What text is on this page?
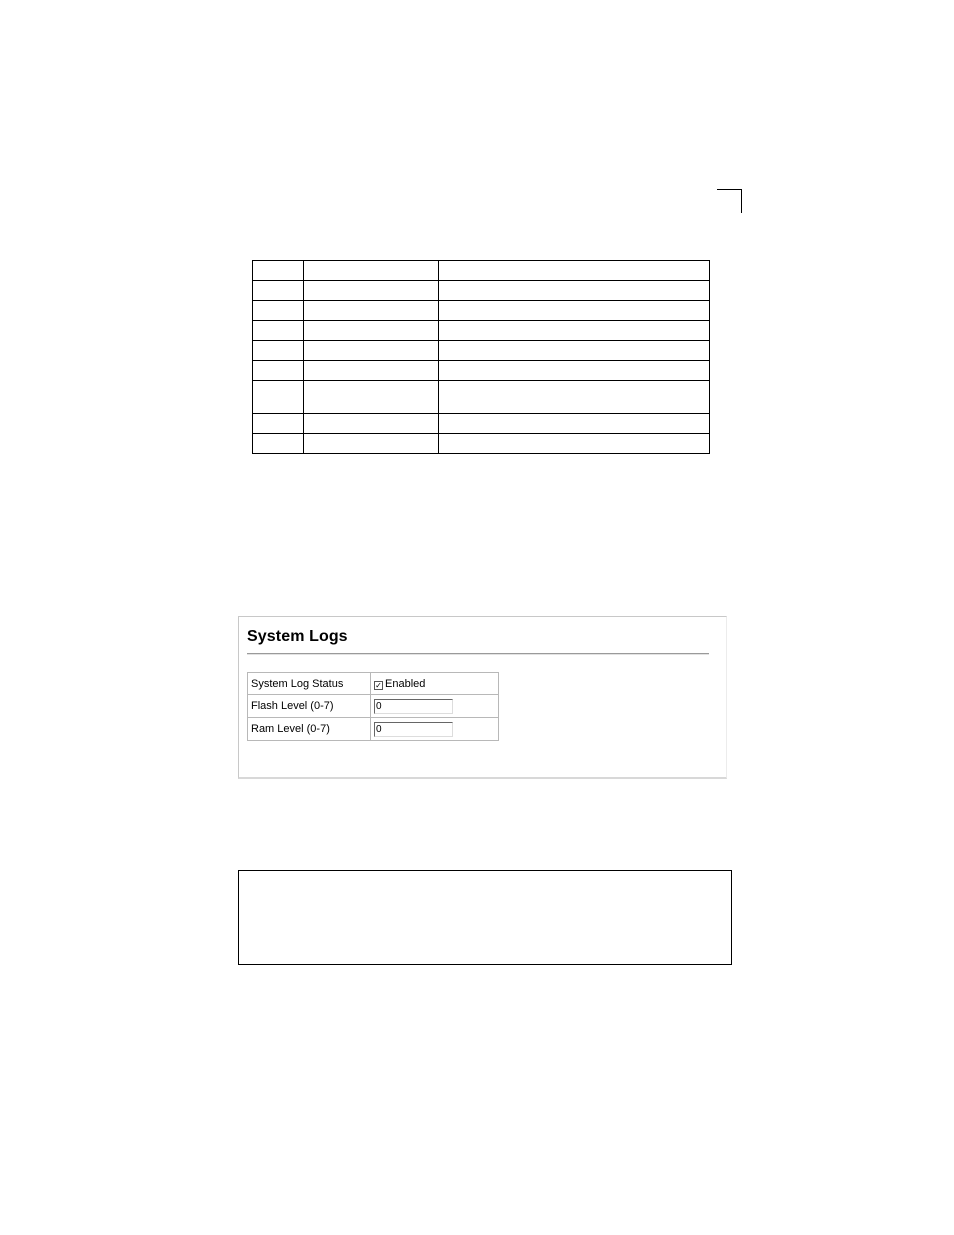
System Logs
System Log Status	✓ Enabled
Flash Level (0-7)	0
Ram Level (0-7)	0
